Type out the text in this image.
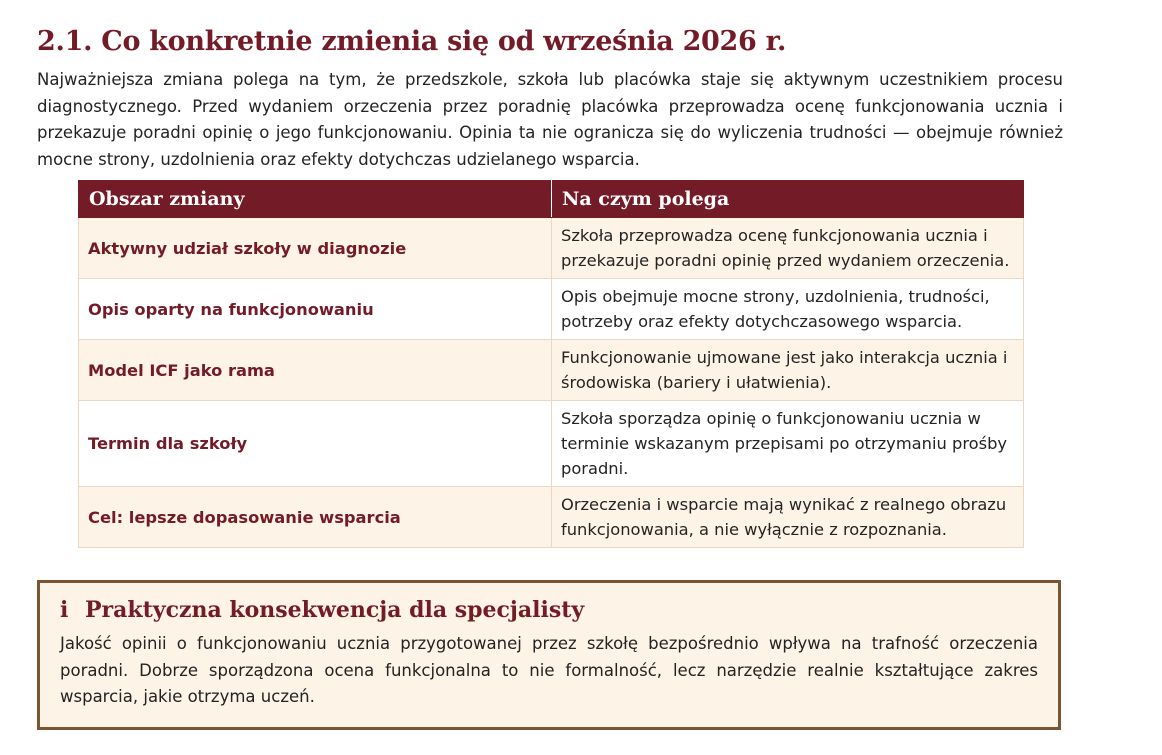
2.1. Co konkretnie zmienia się od września 2026 r.

Najważniejsza zmiana polega na tym, że przedszkole, szkoła lub placówka staje się aktywnym uczestnikiem procesu diagnostycznego. Przed wydaniem orzeczenia przez poradnię placówka przeprowadza ocenę funkcjonowania ucznia i przekazuje poradni opinię o jego funkcjonowaniu. Opinia ta nie ogranicza się do wyliczenia trudności — obejmuje również mocne strony, uzdolnienia oraz efekty dotychczas udzielanego wsparcia.

Obszar zmiany	Na czym polega
Aktywny udział szkoły w diagnozie	Szkoła przeprowadza ocenę funkcjonowania ucznia i przekazuje poradni opinię przed wydaniem orzeczenia.
Opis oparty na funkcjonowaniu	Opis obejmuje mocne strony, uzdolnienia, trudności, potrzeby oraz efekty dotychczasowego wsparcia.
Model ICF jako rama	Funkcjonowanie ujmowane jest jako interakcja ucznia i środowiska (bariery i ułatwienia).
Termin dla szkoły	Szkoła sporządza opinię o funkcjonowaniu ucznia w terminie wskazanym przepisami po otrzymaniu prośby poradni.
Cel: lepsze dopasowanie wsparcia	Orzeczenia i wsparcie mają wynikać z realnego obrazu funkcjonowania, a nie wyłącznie z rozpoznania.
i Praktyczna konsekwencja dla specjalisty

Jakość opinii o funkcjonowaniu ucznia przygotowanej przez szkołę bezpośrednio wpływa na trafność orzeczenia poradni. Dobrze sporządzona ocena funkcjonalna to nie formalność, lecz narzędzie realnie kształtujące zakres wsparcia, jakie otrzyma uczeń.
